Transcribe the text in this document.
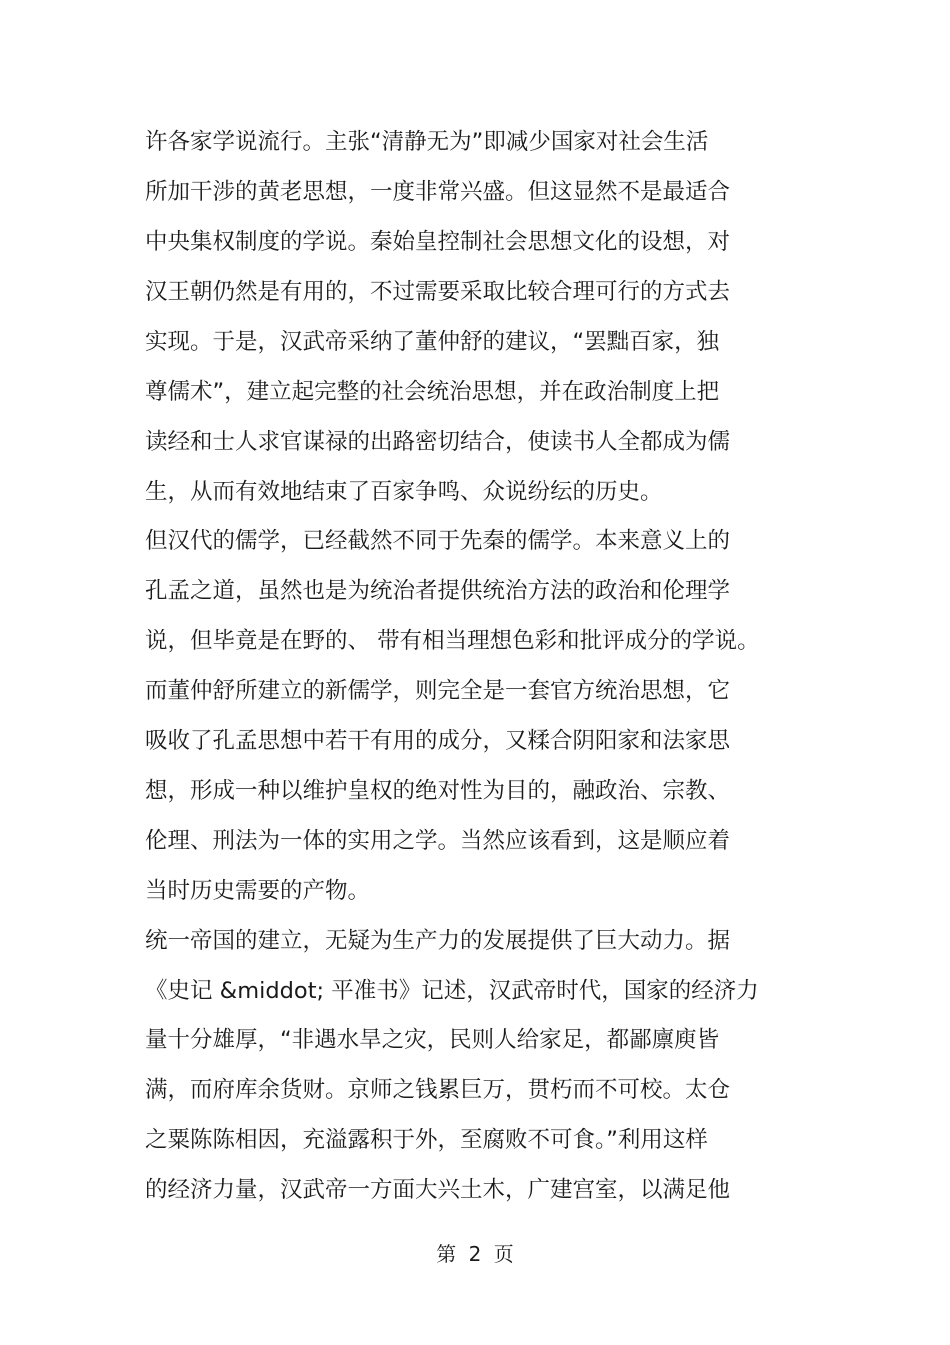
许各家学说流行。主张“清静无为”即减少国家对社会生活
所加干涉的黄老思想，一度非常兴盛。但这显然不是最适合
中央集权制度的学说。秦始皇控制社会思想文化的设想，对
汉王朝仍然是有用的，不过需要采取比较合理可行的方式去
实现。于是，汉武帝采纳了董仲舒的建议，“罢黜百家，独
尊儒术”，建立起完整的社会统治思想，并在政治制度上把
读经和士人求官谋禄的出路密切结合，使读书人全都成为儒
生，从而有效地结束了百家争鸣、众说纷纭的历史。
但汉代的儒学，已经截然不同于先秦的儒学。本来意义上的
孔孟之道，虽然也是为统治者提供统治方法的政治和伦理学
说，但毕竟是在野的、 带有相当理想色彩和批评成分的学说。
而董仲舒所建立的新儒学，则完全是一套官方统治思想，它
吸收了孔孟思想中若干有用的成分，又糅合阴阳家和法家思
想，形成一种以维护皇权的绝对性为目的，融政治、宗教、
伦理、刑法为一体的实用之学。当然应该看到，这是顺应着
当时历史需要的产物。
统一帝国的建立，无疑为生产力的发展提供了巨大动力。据
《史记 &middot; 平准书》记述，汉武帝时代，国家的经济力
量十分雄厚，“非遇水旱之灾，民则人给家足，都鄙廪庾皆
满，而府库余货财。京师之钱累巨万，贯朽而不可校。太仓
之粟陈陈相因，充溢露积于外，至腐败不可食。”利用这样
的经济力量，汉武帝一方面大兴土木，广建宫室，以满足他
第 2 页
